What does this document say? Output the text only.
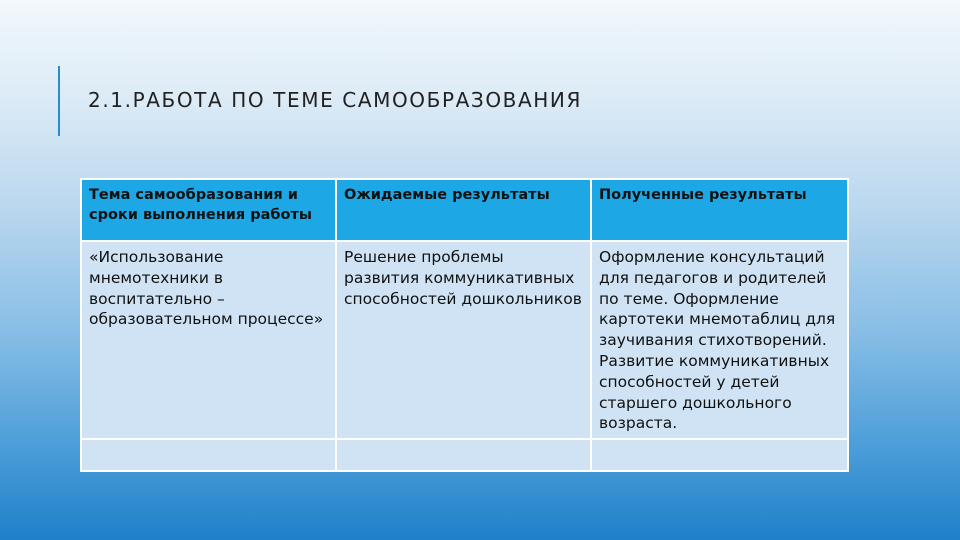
2.1.РАБОТА ПО ТЕМЕ САМООБРАЗОВАНИЯ
Тема самообразования и сроки выполнения работы	Ожидаемые результаты	Полученные результаты
«Использование мнемотехники в воспитательно – образовательном процессе»	Решение проблемы развития коммуникативных способностей дошкольников	Оформление консультаций для педагогов и родителей по теме. Оформление картотеки мнемотаблиц для заучивания стихотворений. Развитие коммуникативных способностей у детей старшего дошкольного возраста.
